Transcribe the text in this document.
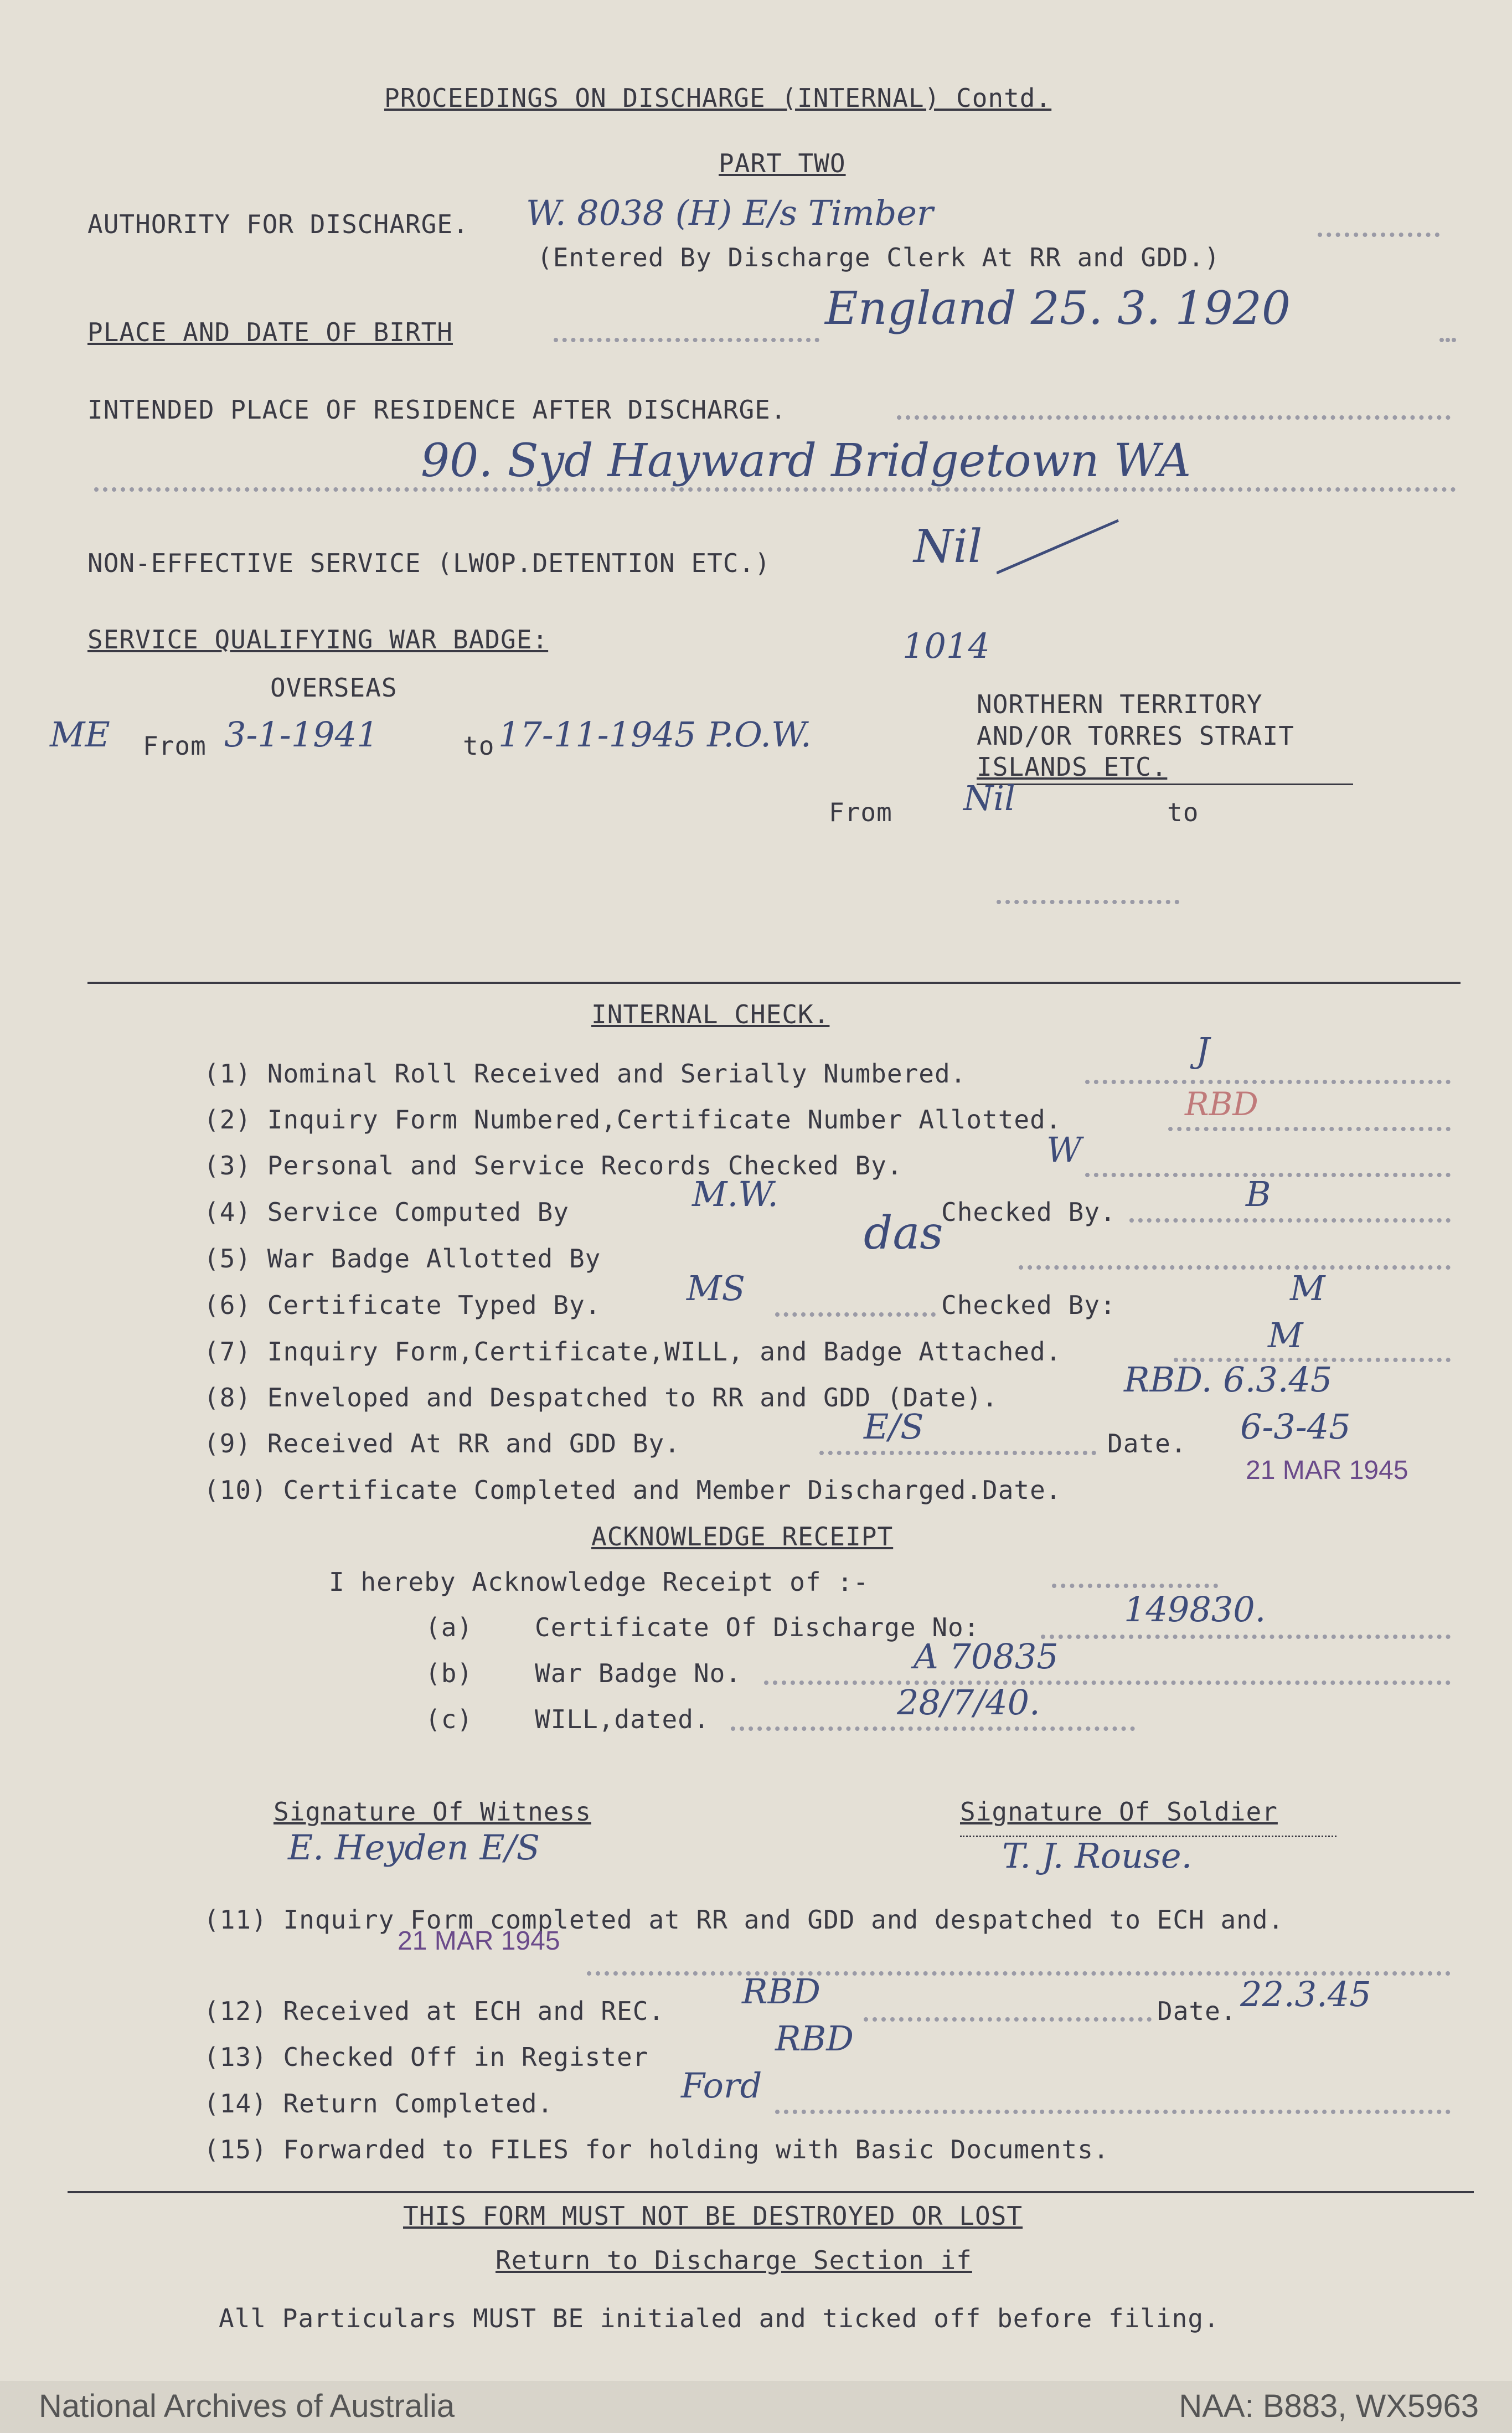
PROCEEDINGS ON DISCHARGE (INTERNAL) Contd.
PART TWO
AUTHORITY FOR DISCHARGE. W. 8038 (H) E/s Timber
(Entered By Discharge Clerk At RR and GDD.)
PLACE AND DATE OF BIRTH	England 25. 3. 1920
INTENDED PLACE OF RESIDENCE AFTER DISCHARGE.
90. Syd Hayward Bridgetown WA
NON-EFFECTIVE SERVICE (LWOP.DETENTION ETC.)	Nil
SERVICE QUALIFYING WAR BADGE:
OVERSEAS
1014
ME From 3-1-1941	to 17-11-1945 P.O.W.
NORTHERN TERRITORY
AND/OR TORRES STRAIT
ISLANDS ETC.
From Nil	to
INTERNAL CHECK.
(1) Nominal Roll Received and Serially Numbered.
J
(2) Inquiry Form Numbered,Certificate Number Allotted.	RBD
(3) Personal and Service Records Checked By.	W
(4) Service Computed By	M.W.	Checked By.	B
(5) War Badge Allotted By	das
(6) Certificate Typed By. MS	Checked By:	M
(7) Inquiry Form,Certificate,WILL, and Badge Attached.	M
(8) Enveloped and Despatched to RR and GDD (Date).	RBD. 6.3.45
(9) Received At RR and GDD By.	E/S	Date. 6-3-45
(10) Certificate Completed and Member Discharged.Date.
21 MAR 1945
ACKNOWLEDGE RECEIPT
I hereby Acknowledge Receipt of :-
(a) Certificate Of Discharge No:	149830.
(b) War Badge No.	A 70835
(c) WILL,dated.	28/7/40.
Signature Of Witness
E. Heyden E/S
Signature Of Soldier
T. J. Rouse.
(11) Inquiry Form completed at RR and GDD and despatched to ECH and.
21 MAR 1945
(12) Received at ECH and REC. RBD	Date. 22.3.45
(13) Checked Off in Register	RBD
(14) Return Completed.	Ford
(15) Forwarded to FILES for holding with Basic Documents.
THIS FORM MUST NOT BE DESTROYED OR LOST
Return to Discharge Section if
All Particulars MUST BE initialed and ticked off before filing.
National Archives of Australia	NAA: B883, WX5963
